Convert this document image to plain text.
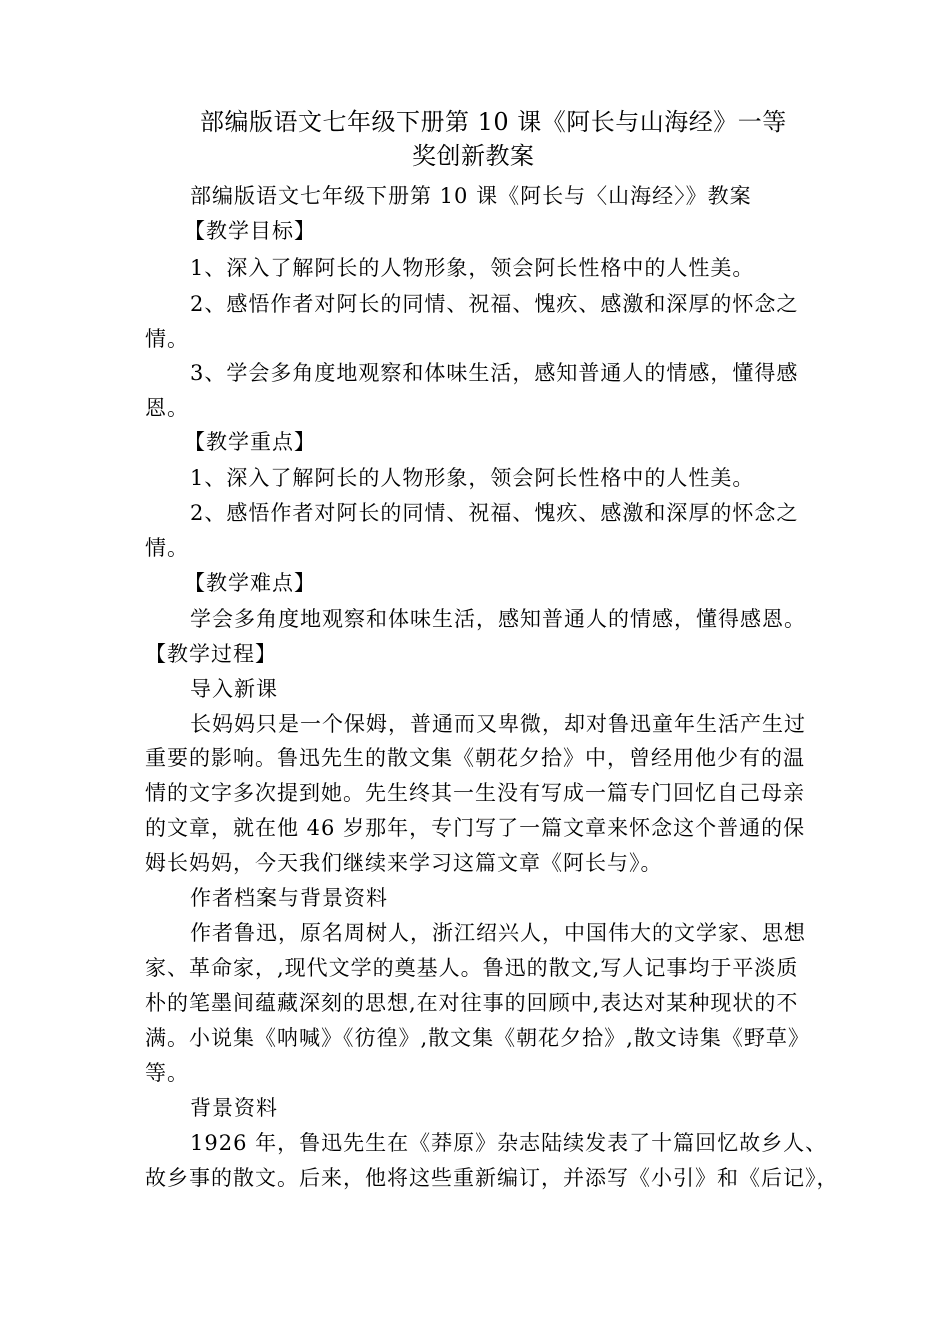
部编版语文七年级下册第 10 课《阿长与山海经》一等
奖创新教案
部编版语文七年级下册第 10 课《阿长与〈山海经〉》教案
【教学目标】
1、深入了解阿长的人物形象，领会阿长性格中的人性美。
2、感悟作者对阿长的同情、祝福、愧疚、感激和深厚的怀念之
情。
3、学会多角度地观察和体味生活，感知普通人的情感，懂得感
恩。
【教学重点】
1、深入了解阿长的人物形象，领会阿长性格中的人性美。
2、感悟作者对阿长的同情、祝福、愧疚、感激和深厚的怀念之
情。
【教学难点】
学会多角度地观察和体味生活，感知普通人的情感，懂得感恩。
【教学过程】
导入新课
长妈妈只是一个保姆，普通而又卑微，却对鲁迅童年生活产生过
重要的影响。鲁迅先生的散文集《朝花夕拾》中，曾经用他少有的温
情的文字多次提到她。先生终其一生没有写成一篇专门回忆自己母亲
的文章，就在他 46 岁那年，专门写了一篇文章来怀念这个普通的保
姆长妈妈，今天我们继续来学习这篇文章《阿长与》。
作者档案与背景资料
作者鲁迅，原名周树人，浙江绍兴人，中国伟大的文学家、思想
家、革命家，,现代文学的奠基人。鲁迅的散文,写人记事均于平淡质
朴的笔墨间蕴藏深刻的思想,在对往事的回顾中,表达对某种现状的不
满。小说集《呐喊》《彷徨》,散文集《朝花夕拾》,散文诗集《野草》
等。
背景资料
1926 年，鲁迅先生在《莽原》杂志陆续发表了十篇回忆故乡人、
故乡事的散文。后来，他将这些重新编订，并添写《小引》和《后记》，
